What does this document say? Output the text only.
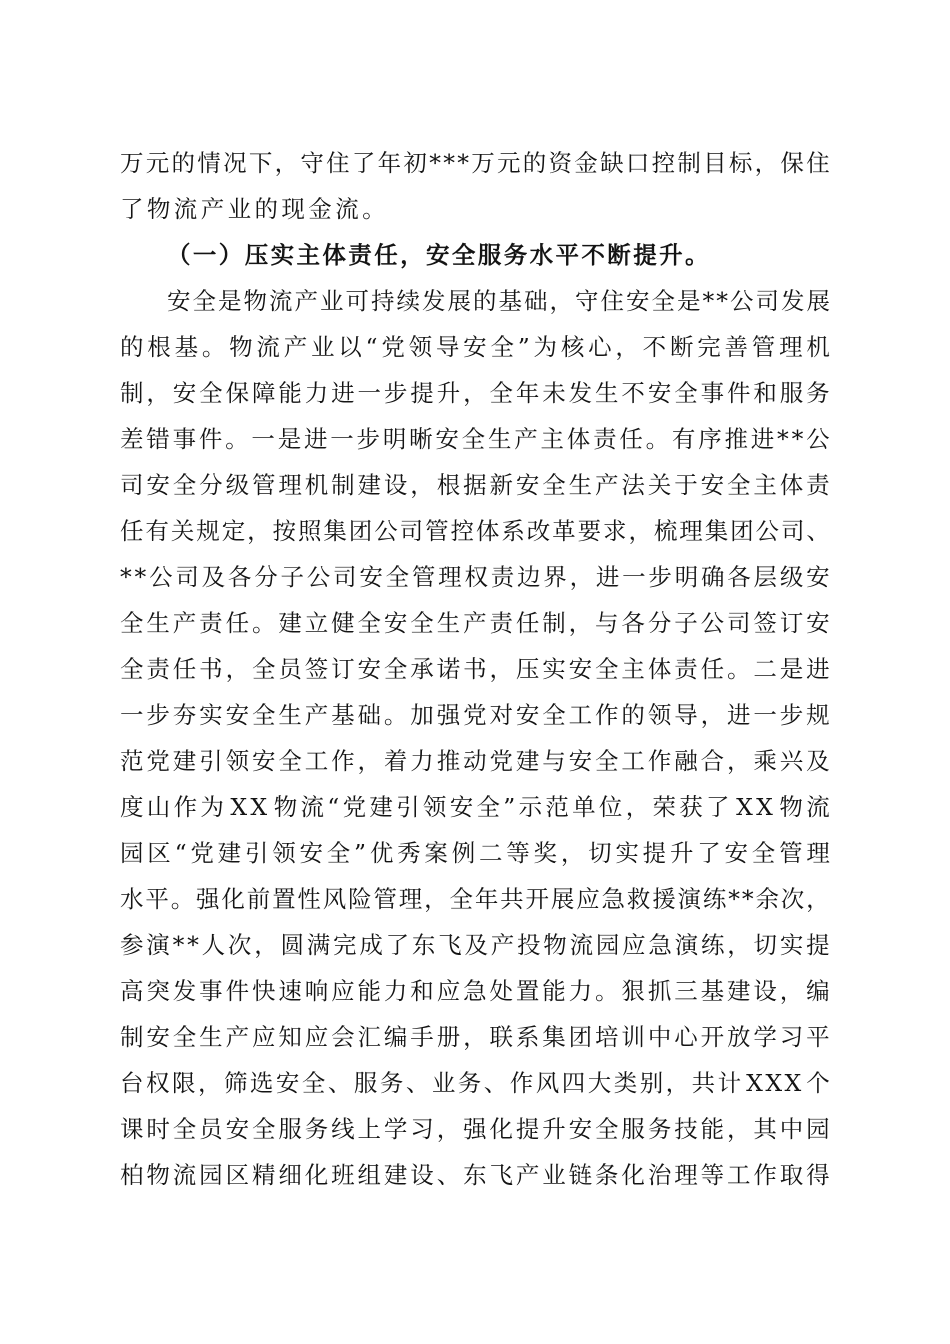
万 元 的 情 况 下 ， 守 住 了 年 初 * * * 万 元 的 资 金 缺 口 控 制 目 标 ， 保 住
了物流产业的现金流。
（一）压实主体责任，安全服务水平不断提升。
安 全 是 物 流 产 业 可 持 续 发 展 的 基 础 ， 守 住 安 全 是 * * 公 司 发 展
的 根 基 。 物 流 产 业 以 “ 党 领 导 安 全 ” 为 核 心 ， 不 断 完 善 管 理 机
制 ， 安 全 保 障 能 力 进 一 步 提 升 ， 全 年 未 发 生 不 安 全 事 件 和 服 务
差 错 事 件 。 一 是 进 一 步 明 晰 安 全 生 产 主 体 责 任 。 有 序 推 进 * * 公
司 安 全 分 级 管 理 机 制 建 设 ， 根 据 新 安 全 生 产 法 关 于 安 全 主 体 责
任 有 关 规 定 ， 按 照 集 团 公 司 管 控 体 系 改 革 要 求 ， 梳 理 集 团 公 司 、
* * 公 司 及 各 分 子 公 司 安 全 管 理 权 责 边 界 ， 进 一 步 明 确 各 层 级 安
全 生 产 责 任 。 建 立 健 全 安 全 生 产 责 任 制 ， 与 各 分 子 公 司 签 订 安
全 责 任 书 ， 全 员 签 订 安 全 承 诺 书 ， 压 实 安 全 主 体 责 任 。 二 是 进
一 步 夯 实 安 全 生 产 基 础 。 加 强 党 对 安 全 工 作 的 领 导 ， 进 一 步 规
范 党 建 引 领 安 全 工 作 ， 着 力 推 动 党 建 与 安 全 工 作 融 合 ， 乘 兴 及
度 山 作 为 X X 物 流 “ 党 建 引 领 安 全 ” 示 范 单 位 ， 荣 获 了 X X 物 流
园 区 “ 党 建 引 领 安 全 ” 优 秀 案 例 二 等 奖 ， 切 实 提 升 了 安 全 管 理
水 平 。 强 化 前 置 性 风 险 管 理 ， 全 年 共 开 展 应 急 救 援 演 练 * * 余 次 ，
参 演 * * 人 次 ， 圆 满 完 成 了 东 飞 及 产 投 物 流 园 应 急 演 练 ， 切 实 提
高 突 发 事 件 快 速 响 应 能 力 和 应 急 处 置 能 力 。 狠 抓 三 基 建 设 ， 编
制 安 全 生 产 应 知 应 会 汇 编 手 册 ， 联 系 集 团 培 训 中 心 开 放 学 习 平
台 权 限 ， 筛 选 安 全 、 服 务 、 业 务 、 作 风 四 大 类 别 ， 共 计 X X X 个
课 时 全 员 安 全 服 务 线 上 学 习 ， 强 化 提 升 安 全 服 务 技 能 ， 其 中 园
柏 物 流 园 区 精 细 化 班 组 建 设 、 东 飞 产 业 链 条 化 治 理 等 工 作 取 得
